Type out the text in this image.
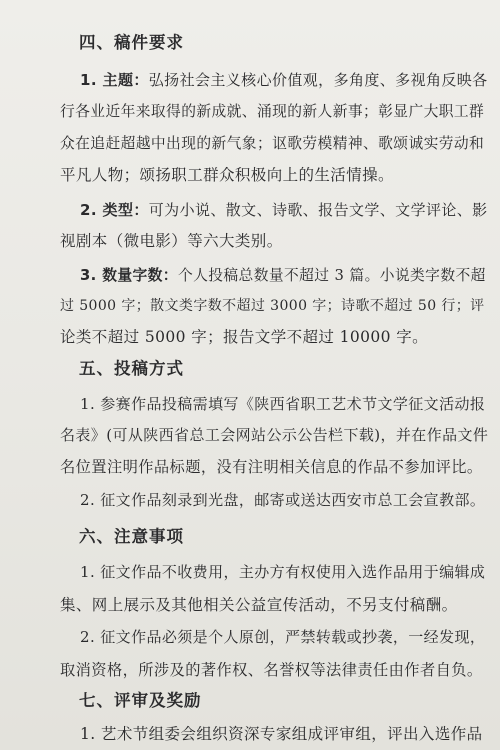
四、稿件要求
1. 主题：弘扬社会主义核心价值观，多角度、多视角反映各
行各业近年来取得的新成就、涌现的新人新事；彰显广大职工群
众在追赶超越中出现的新气象；讴歌劳模精神、歌颂诚实劳动和
平凡人物；颂扬职工群众积极向上的生活情操。
2. 类型：可为小说、散文、诗歌、报告文学、文学评论、影
视剧本（微电影）等六大类别。
3. 数量字数：个人投稿总数量不超过 3 篇。小说类字数不超
过 5000 字；散文类字数不超过 3000 字；诗歌不超过 50 行；评
论类不超过 5000 字；报告文学不超过 10000 字。
五、投稿方式
1. 参赛作品投稿需填写《陕西省职工艺术节文学征文活动报
名表》(可从陕西省总工会网站公示公告栏下载)，并在作品文件
名位置注明作品标题，没有注明相关信息的作品不参加评比。
2. 征文作品刻录到光盘，邮寄或送达西安市总工会宣教部。
六、注意事项
1. 征文作品不收费用，主办方有权使用入选作品用于编辑成
集、网上展示及其他相关公益宣传活动，不另支付稿酬。
2. 征文作品必须是个人原创，严禁转载或抄袭，一经发现，
取消资格，所涉及的著作权、名誉权等法律责任由作者自负。
七、评审及奖励
1. 艺术节组委会组织资深专家组成评审组，评出入选作品
